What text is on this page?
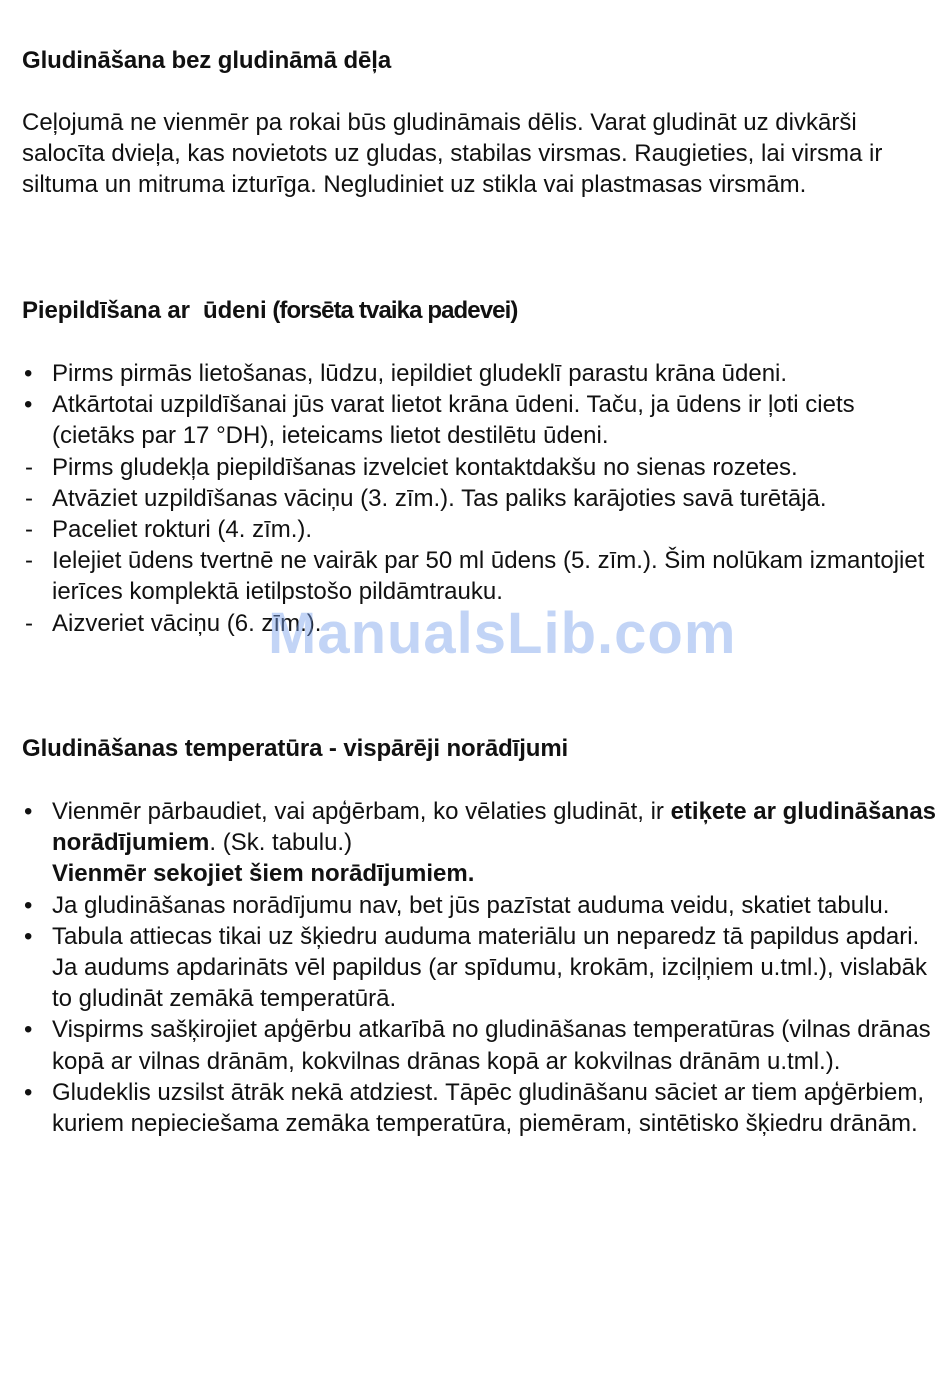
Gludināšana bez gludināmā dēļa

Ceļojumā ne vienmēr pa rokai būs gludināmais dēlis. Varat gludināt uz divkārši salocīta dvieļa, kas novietots uz gludas, stabilas virsmas. Raugieties, lai virsma ir siltuma un mitruma izturīga. Negludiniet uz stikla vai plastmasas virsmām.

Piepildīšana ar  ūdeni (forsēta tvaika padevei)
• Pirms pirmās lietošanas, lūdzu, iepildiet gludeklī parastu krāna ūdeni.
• Atkārtotai uzpildīšanai jūs varat lietot krāna ūdeni. Taču, ja ūdens ir ļoti ciets (cietāks par 17 °DH), ieteicams lietot destilētu ūdeni.
- Pirms gludekļa piepildīšanas izvelciet kontaktdakšu no sienas rozetes.
- Atvāziet uzpildīšanas vāciņu (3. zīm.). Tas paliks karājoties savā turētājā.
- Paceliet rokturi (4. zīm.).
- Ielejiet ūdens tvertnē ne vairāk par 50 ml ūdens (5. zīm.). Šim nolūkam izmantojiet ierīces komplektā ietilpstošo pildāmtrauku.
- Aizveriet vāciņu (6. zīm.).
Gludināšanas temperatūra - vispārēji norādījumi
• Vienmēr pārbaudiet, vai apģērbam, ko vēlaties gludināt, ir etiķete ar gludināšanas norādījumiem. (Sk. tabulu.)
Vienmēr sekojiet šiem norādījumiem.
• Ja gludināšanas norādījumu nav, bet jūs pazīstat auduma veidu, skatiet tabulu.
• Tabula attiecas tikai uz šķiedru auduma materiālu un neparedz tā papildus apdari.
Ja audums apdarināts vēl papildus (ar spīdumu, krokām, izciļņiem u.tml.), vislabāk to gludināt zemākā temperatūrā.
• Vispirms sašķirojiet apģērbu atkarībā no gludināšanas temperatūras (vilnas drānas kopā ar vilnas drānām, kokvilnas drānas kopā ar kokvilnas drānām u.tml.).
• Gludeklis uzsilst ātrāk nekā atdziest. Tāpēc gludināšanu sāciet ar tiem apģērbiem, kuriem nepieciešama zemāka temperatūra, piemēram, sintētisko šķiedru drānām.
ManualsLib.com
